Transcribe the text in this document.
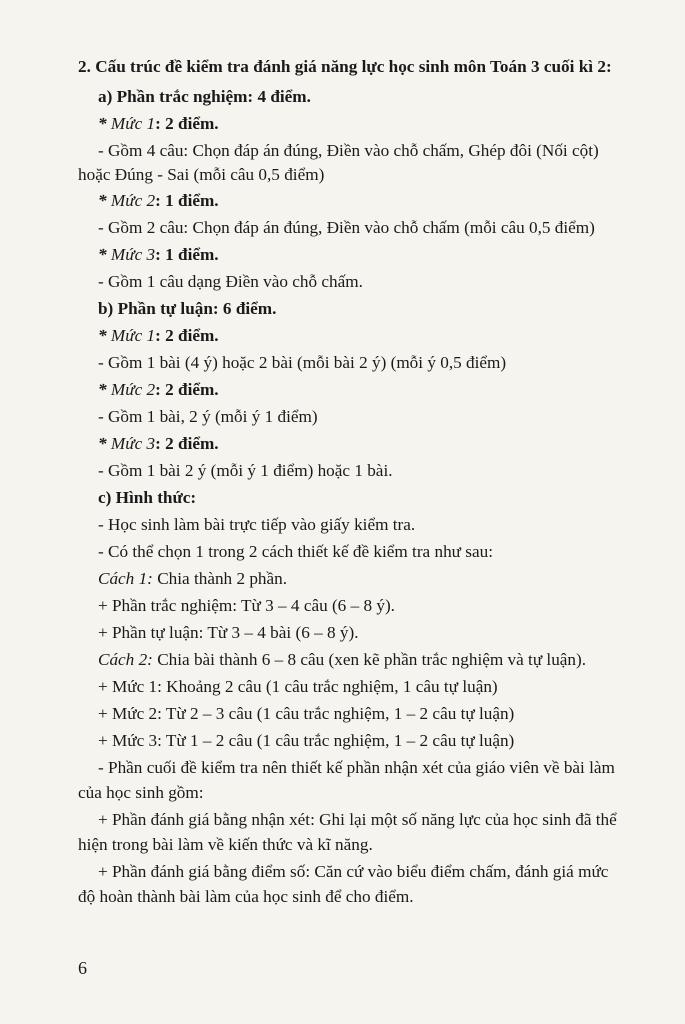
2. Cấu trúc đề kiểm tra đánh giá năng lực học sinh môn Toán 3 cuối kì 2:
a) Phần trắc nghiệm: 4 điểm.
* Mức 1: 2 điểm.
- Gồm 4 câu: Chọn đáp án đúng, Điền vào chỗ chấm, Ghép đôi (Nối cột)
hoặc Đúng - Sai (mỗi câu 0,5 điểm)
* Mức 2: 1 điểm.
- Gồm 2 câu: Chọn đáp án đúng, Điền vào chỗ chấm (mỗi câu 0,5 điểm)
* Mức 3: 1 điểm.
- Gồm 1 câu dạng Điền vào chỗ chấm.
b) Phần tự luận: 6 điểm.
* Mức 1: 2 điểm.
- Gồm 1 bài (4 ý) hoặc 2 bài (mỗi bài 2 ý) (mỗi ý 0,5 điểm)
* Mức 2: 2 điểm.
- Gồm 1 bài, 2 ý (mỗi ý 1 điểm)
* Mức 3: 2 điểm.
- Gồm 1 bài 2 ý (mỗi ý 1 điểm) hoặc 1 bài.
c) Hình thức:
- Học sinh làm bài trực tiếp vào giấy kiểm tra.
- Có thể chọn 1 trong 2 cách thiết kế đề kiểm tra như sau:
Cách 1: Chia thành 2 phần.
+ Phần trắc nghiệm: Từ 3 – 4 câu (6 – 8 ý).
+ Phần tự luận: Từ 3 – 4 bài (6 – 8 ý).
Cách 2: Chia bài thành 6 – 8 câu (xen kẽ phần trắc nghiệm và tự luận).
+ Mức 1: Khoảng 2 câu (1 câu trắc nghiệm, 1 câu tự luận)
+ Mức 2: Từ 2 – 3 câu (1 câu trắc nghiệm, 1 – 2 câu tự luận)
+ Mức 3: Từ 1 – 2 câu (1 câu trắc nghiệm, 1 – 2 câu tự luận)
- Phần cuối đề kiểm tra nên thiết kế phần nhận xét của giáo viên về bài làm
của học sinh gồm:
+ Phần đánh giá bằng nhận xét: Ghi lại một số năng lực của học sinh đã thể
hiện trong bài làm về kiến thức và kĩ năng.
+ Phần đánh giá bằng điểm số: Căn cứ vào biểu điểm chấm, đánh giá mức
độ hoàn thành bài làm của học sinh để cho điểm.
6
